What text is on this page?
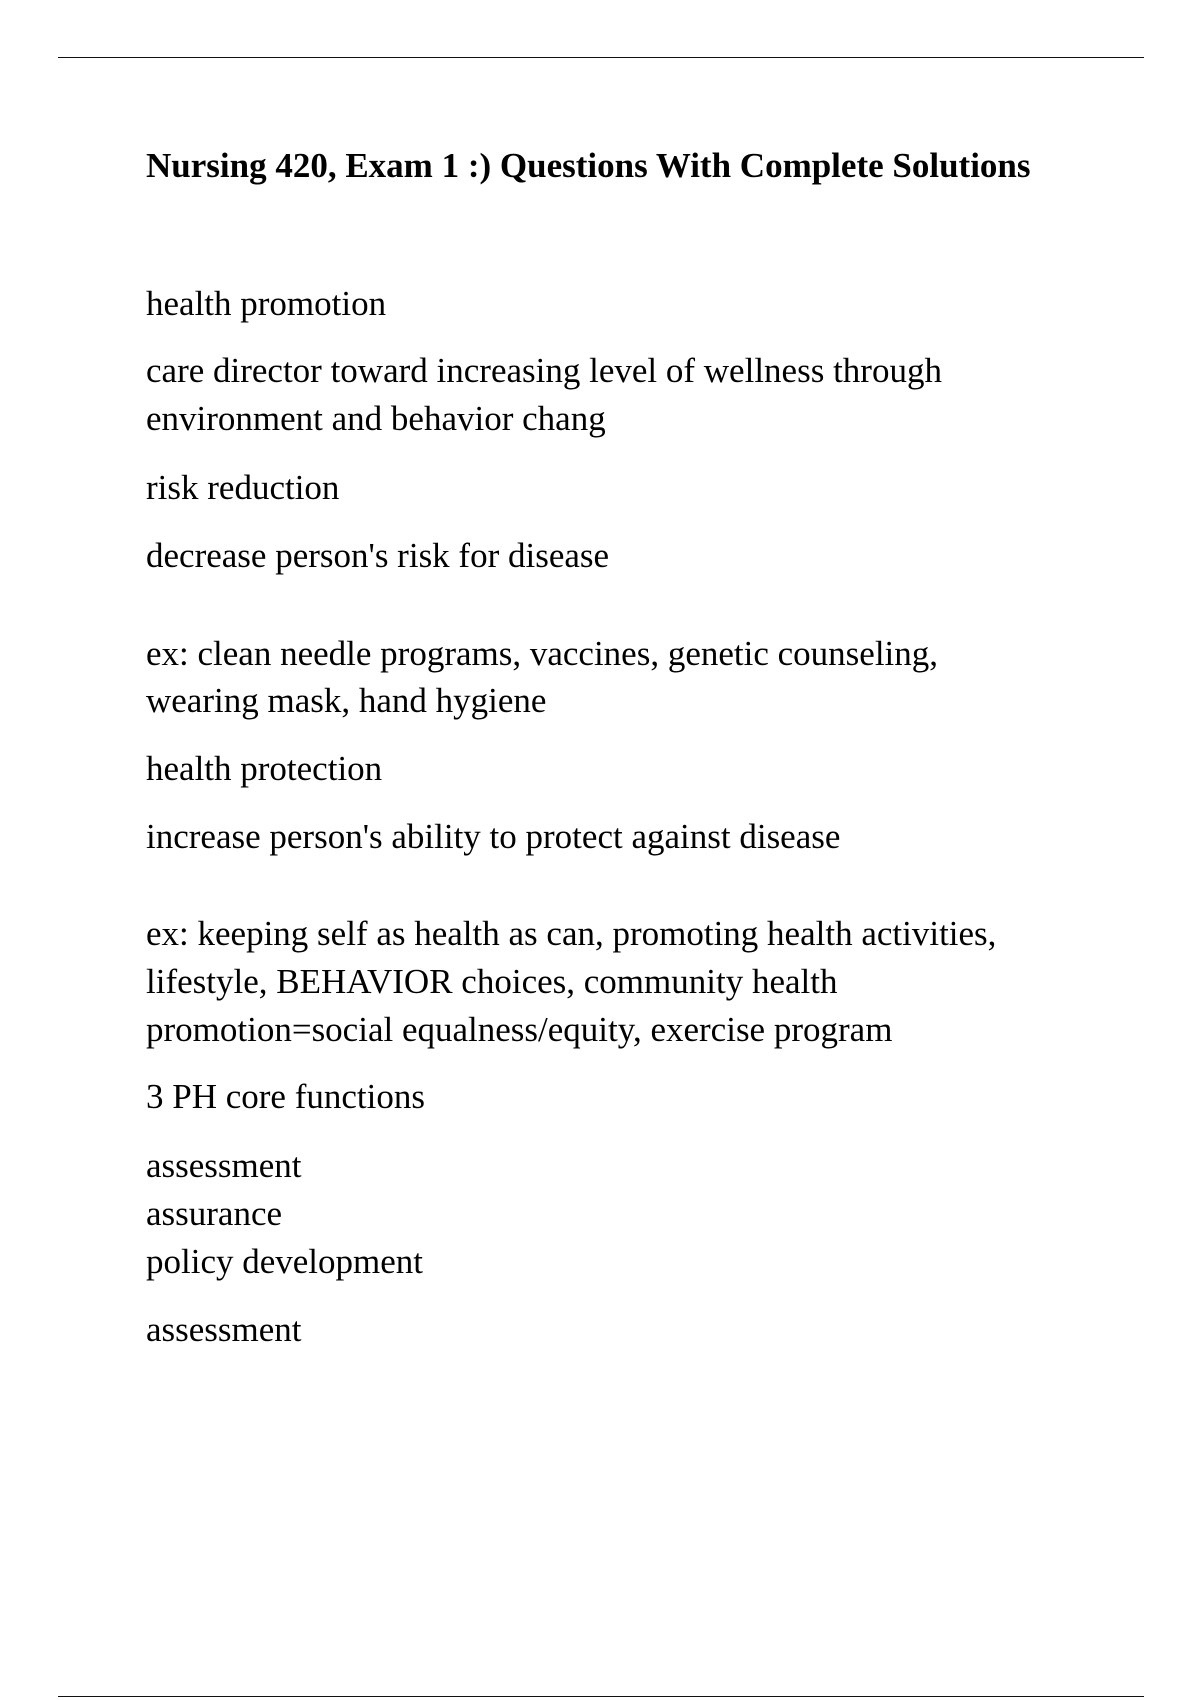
Nursing 420, Exam 1 :) Questions With Complete Solutions

health promotion

care director toward increasing level of wellness through

environment and behavior chang

risk reduction

decrease person's risk for disease

ex: clean needle programs, vaccines, genetic counseling,

wearing mask, hand hygiene

health protection

increase person's ability to protect against disease

ex: keeping self as health as can, promoting health activities,

lifestyle, BEHAVIOR choices, community health

promotion=social equalness/equity, exercise program

3 PH core functions

assessment

assurance

policy development

assessment
